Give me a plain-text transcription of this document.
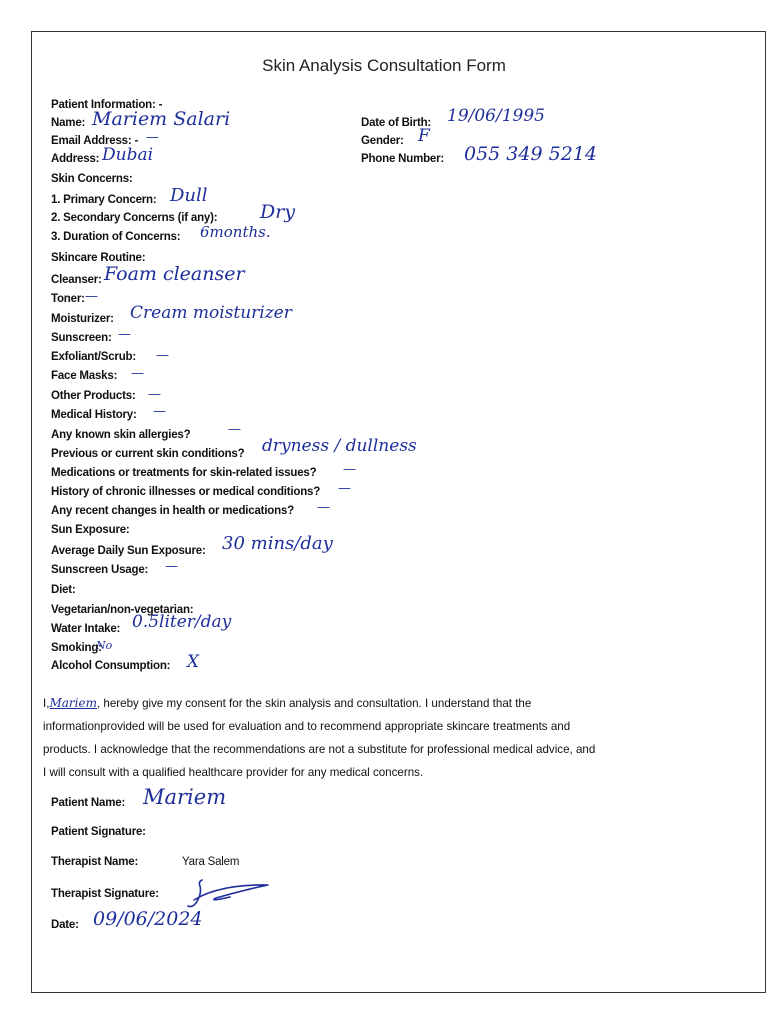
Skin Analysis Consultation Form
Patient Information: -
Name: Mariem Salari
Email Address: - —
Address: Dubai
Date of Birth: 19/06/1995
Gender: F
Phone Number: 055 349 5214
Skin Concerns:
1. Primary Concern: Dull
2. Secondary Concerns (if any): Dry
3. Duration of Concerns: 6months.
Skincare Routine:
Cleanser: Foam cleanser
Toner: —
Moisturizer: Cream moisturizer
Sunscreen: —
Exfoliant/Scrub: —
Face Masks: —
Other Products: —
Medical History: —
Any known skin allergies?	—
Previous or current skin conditions? dryness / dullness
Medications or treatments for skin-related issues? —
History of chronic illnesses or medical conditions? —
Any recent changes in health or medications? —
Sun Exposure:
Average Daily Sun Exposure: 30 mins/day
Sunscreen Usage: —
Diet:
Vegetarian/non-vegetarian:
Water Intake: 0.5liter/day
Smoking:
No
Alcohol Consumption: X
I,Mariem, hereby give my consent for the skin analysis and consultation. I understand that the
informationprovided will be used for evaluation and to recommend appropriate skincare treatments and
products. I acknowledge that the recommendations are not a substitute for professional medical advice, and
I will consult with a qualified healthcare provider for any medical concerns.
Patient Name: Mariem
Patient Signature:
Therapist Name:	Yara Salem
Therapist Signature:
Date: 09/06/2024
